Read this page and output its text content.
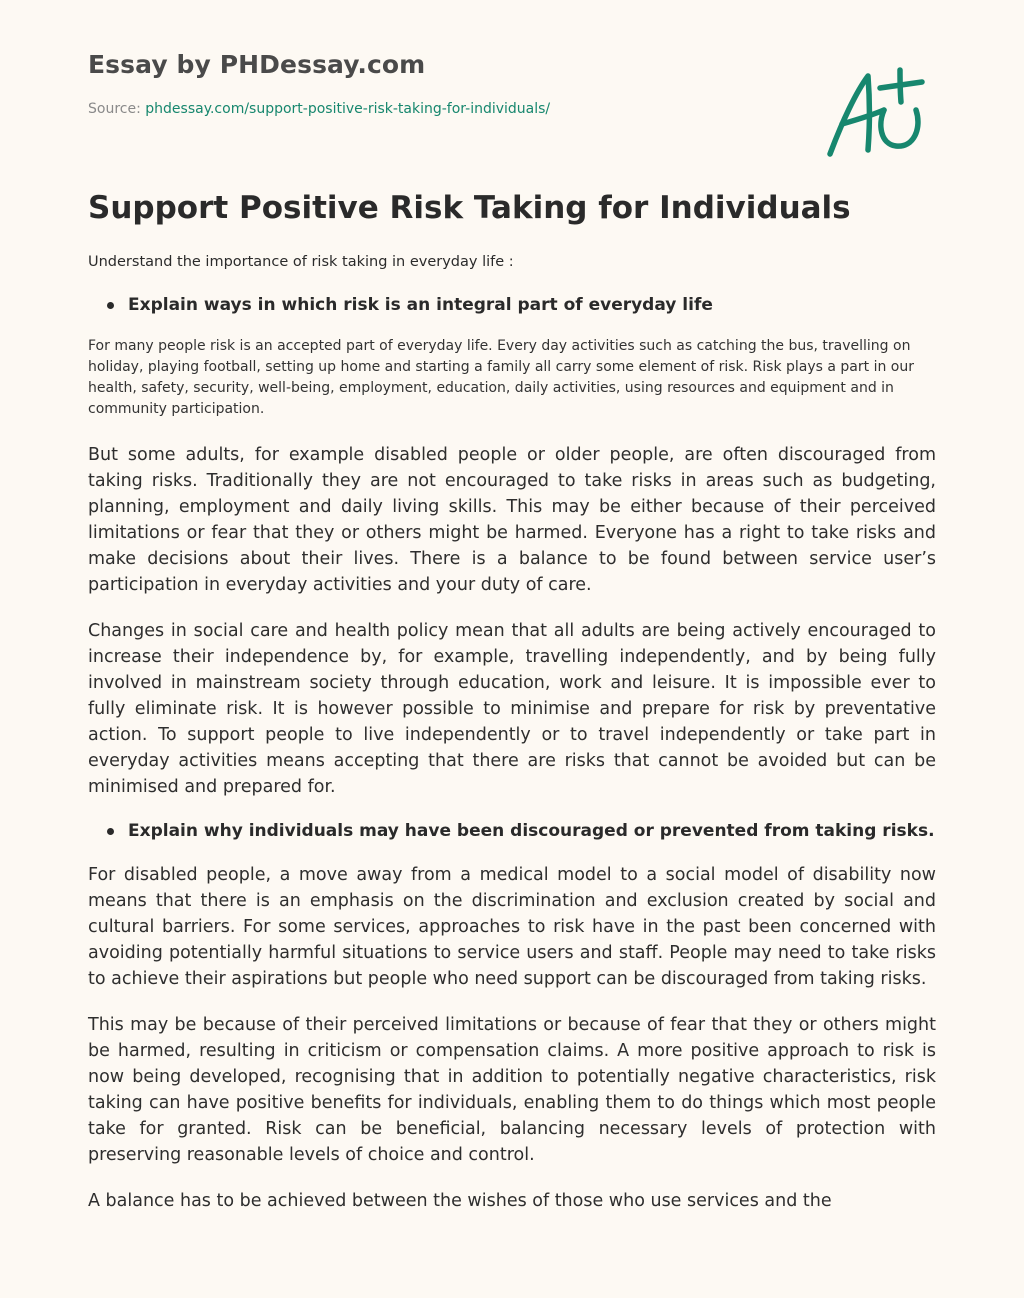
Essay by PHDessay.com

Source: phdessay.com/support-positive-risk-taking-for-individuals/

Support Positive Risk Taking for Individuals

Understand the importance of risk taking in everyday life :

Explain ways in which risk is an integral part of everyday life

For many people risk is an accepted part of everyday life. Every day activities such as catching the bus, travelling on holiday, playing football, setting up home and starting a family all carry some element of risk. Risk plays a part in our health, safety, security, well-being, employment, education, daily activities, using resources and equipment and in community participation.

But some adults, for example disabled people or older people, are often discouraged from taking risks. Traditionally they are not encouraged to take risks in areas such as budgeting, planning, employment and daily living skills. This may be either because of their perceived limitations or fear that they or others might be harmed. Everyone has a right to take risks and make decisions about their lives. There is a balance to be found between service user’s participation in everyday activities and your duty of care.

Changes in social care and health policy mean that all adults are being actively encouraged to increase their independence by, for example, travelling independently, and by being fully involved in mainstream society through education, work and leisure. It is impossible ever to fully eliminate risk. It is however possible to minimise and prepare for risk by preventative action. To support people to live independently or to travel independently or take part in everyday activities means accepting that there are risks that cannot be avoided but can be minimised and prepared for.

Explain why individuals may have been discouraged or prevented from taking risks.

For disabled people, a move away from a medical model to a social model of disability now means that there is an emphasis on the discrimination and exclusion created by social and cultural barriers. For some services, approaches to risk have in the past been concerned with avoiding potentially harmful situations to service users and staff. People may need to take risks to achieve their aspirations but people who need support can be discouraged from taking risks.

This may be because of their perceived limitations or because of fear that they or others might be harmed, resulting in criticism or compensation claims. A more positive approach to risk is now being developed, recognising that in addition to potentially negative characteristics, risk taking can have positive benefits for individuals, enabling them to do things which most people take for granted. Risk can be beneficial, balancing necessary levels of protection with preserving reasonable levels of choice and control.

A balance has to be achieved between the wishes of those who use services and the
